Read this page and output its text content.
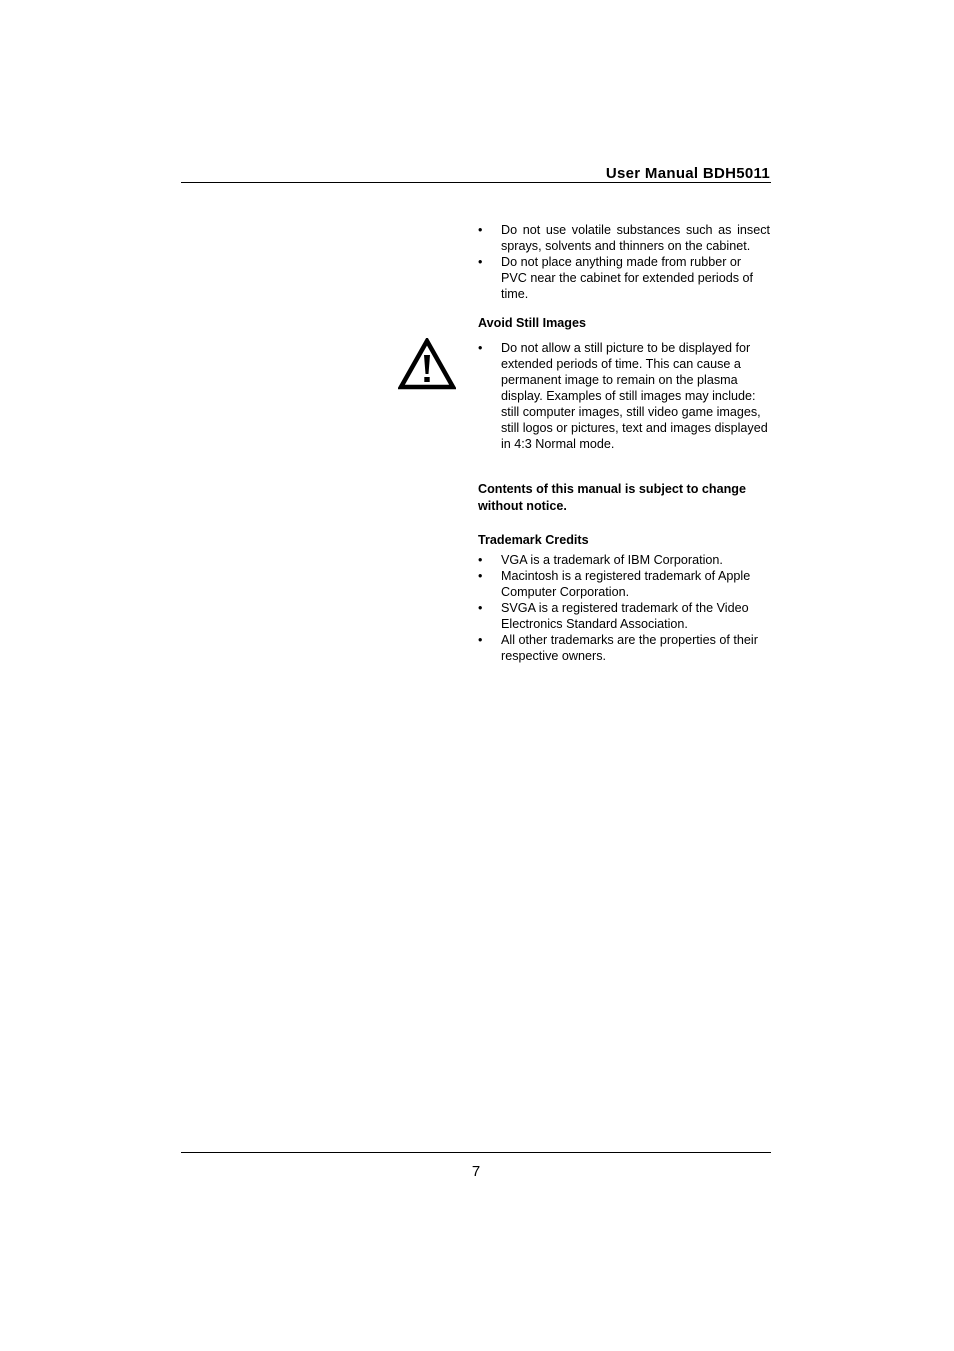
User Manual BDH5011
• Do not use volatile substances such as insect sprays, solvents and thinners on the cabinet.
• Do not place anything made from rubber or PVC near the cabinet for extended periods of time.
Avoid Still Images
• Do not allow a still picture to be displayed for extended periods of time. This can cause a permanent image to remain on the plasma display. Examples of still images may include: still computer images, still video game images, still logos or pictures, text and images displayed in 4:3 Normal mode.
Contents of this manual is subject to change without notice.
Trademark Credits
• VGA is a trademark of IBM Corporation.
• Macintosh is a registered trademark of Apple Computer Corporation.
• SVGA is a registered trademark of the Video Electronics Standard Association.
• All other trademarks are the properties of their respective owners.
7
